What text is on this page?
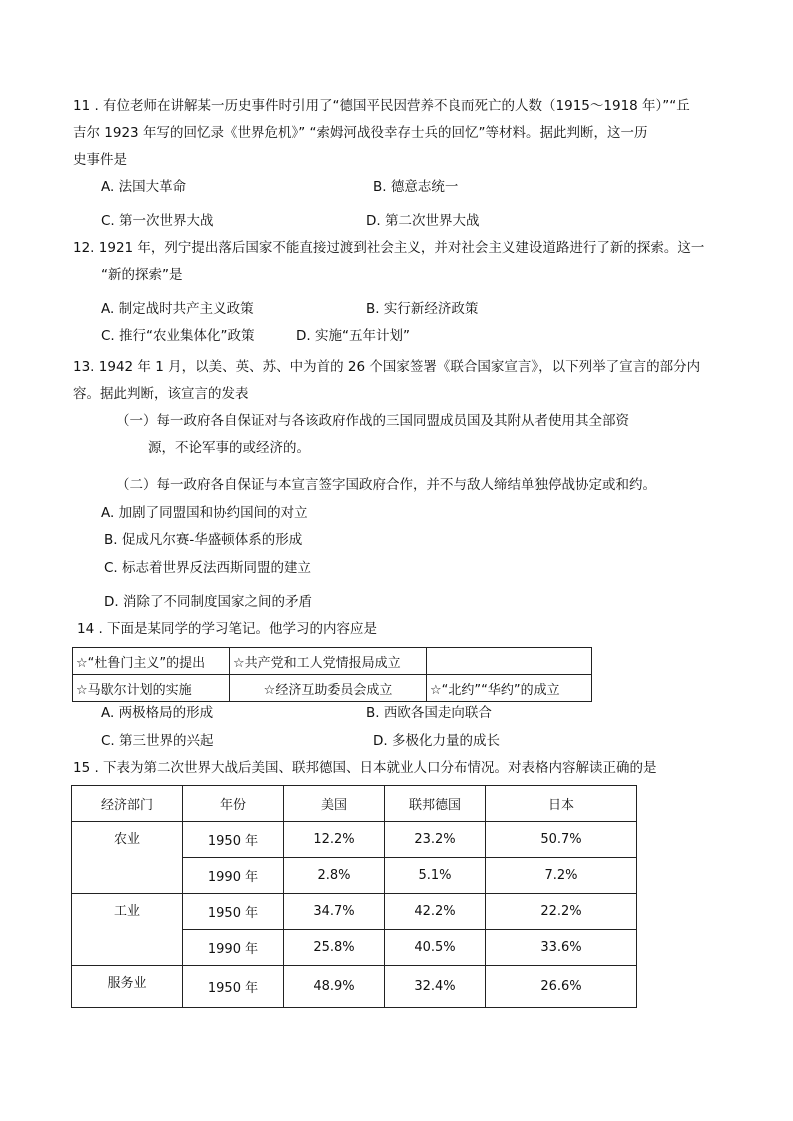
11 . 有位老师在讲解某一历史事件时引用了“德国平民因营养不良而死亡的人数（1915～1918 年）”“丘
吉尔 1923 年写的回忆录《世界危机》” “索姆河战役幸存士兵的回忆”等材料。据此判断，这一历
史事件是
A. 法国大革命	B. 德意志统一
C. 第一次世界大战	D. 第二次世界大战
12. 1921 年，列宁提出落后国家不能直接过渡到社会主义，并对社会主义建设道路进行了新的探索。这一
“新的探索”是
A. 制定战时共产主义政策	B. 实行新经济政策
C. 推行“农业集体化”政策	D. 实施“五年计划”
13. 1942 年 1 月，以美、英、苏、中为首的 26 个国家签署《联合国家宣言》，以下列举了宣言的部分内
容。据此判断，该宣言的发表
（一）每一政府各自保证对与各该政府作战的三国同盟成员国及其附从者使用其全部资
源，不论军事的或经济的。
（二）每一政府各自保证与本宣言签字国政府合作，并不与敌人缔结单独停战协定或和约。
A. 加剧了同盟国和协约国间的对立
B. 促成凡尔赛-华盛顿体系的形成
C. 标志着世界反法西斯同盟的建立
D. 消除了不同制度国家之间的矛盾
14 . 下面是某同学的学习笔记。他学习的内容应是
☆“杜鲁门主义”的提出	☆共产党和工人党情报局成立	
☆马歇尔计划的实施	☆经济互助委员会成立	☆“北约”“华约”的成立
A. 两极格局的形成	B. 西欧各国走向联合
C. 第三世界的兴起	D. 多极化力量的成长
15 . 下表为第二次世界大战后美国、联邦德国、日本就业人口分布情况。对表格内容解读正确的是
经济部门	年份	美国	联邦德国	日本
农业	1950 年	12.2%	23.2%	50.7%
	1990 年	2.8%	5.1%	7.2%
工业	1950 年	34.7%	42.2%	22.2%
	1990 年	25.8%	40.5%	33.6%
服务业	1950 年	48.9%	32.4%	26.6%
